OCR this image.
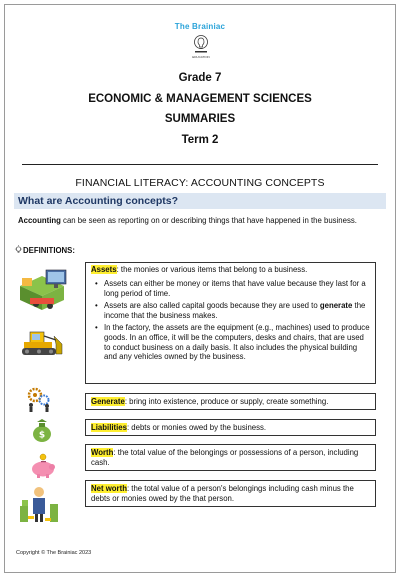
The Brainiac
EDUCATION
Grade 7
ECONOMIC & MANAGEMENT SCIENCES
SUMMARIES
Term 2
FINANCIAL LITERACY: ACCOUNTING CONCEPTS
What are Accounting concepts?
Accounting can be seen as reporting on or describing things that have happened in the business.
DEFINITIONS:
$
Assets: the monies or various items that belong to a business.
• Assets can either be money or items that have value because they last for a long period of time.
• Assets are also called capital goods because they are used to generate the income that the business makes.
• In the factory, the assets are the equipment (e.g., machines) used to produce goods. In an office, it will be the computers, desks and chairs, that are used to conduct business on a daily basis. It also includes the physical building and any vehicles owned by the business.
Generate: bring into existence, produce or supply, create something.
Liabilities: debts or monies owed by the business.
Worth: the total value of the belongings or possessions of a person, including cash.
Net worth: the total value of a person's belongings including cash minus the debts or monies owed by the that person.
Copyright © The Brainiac 2023
